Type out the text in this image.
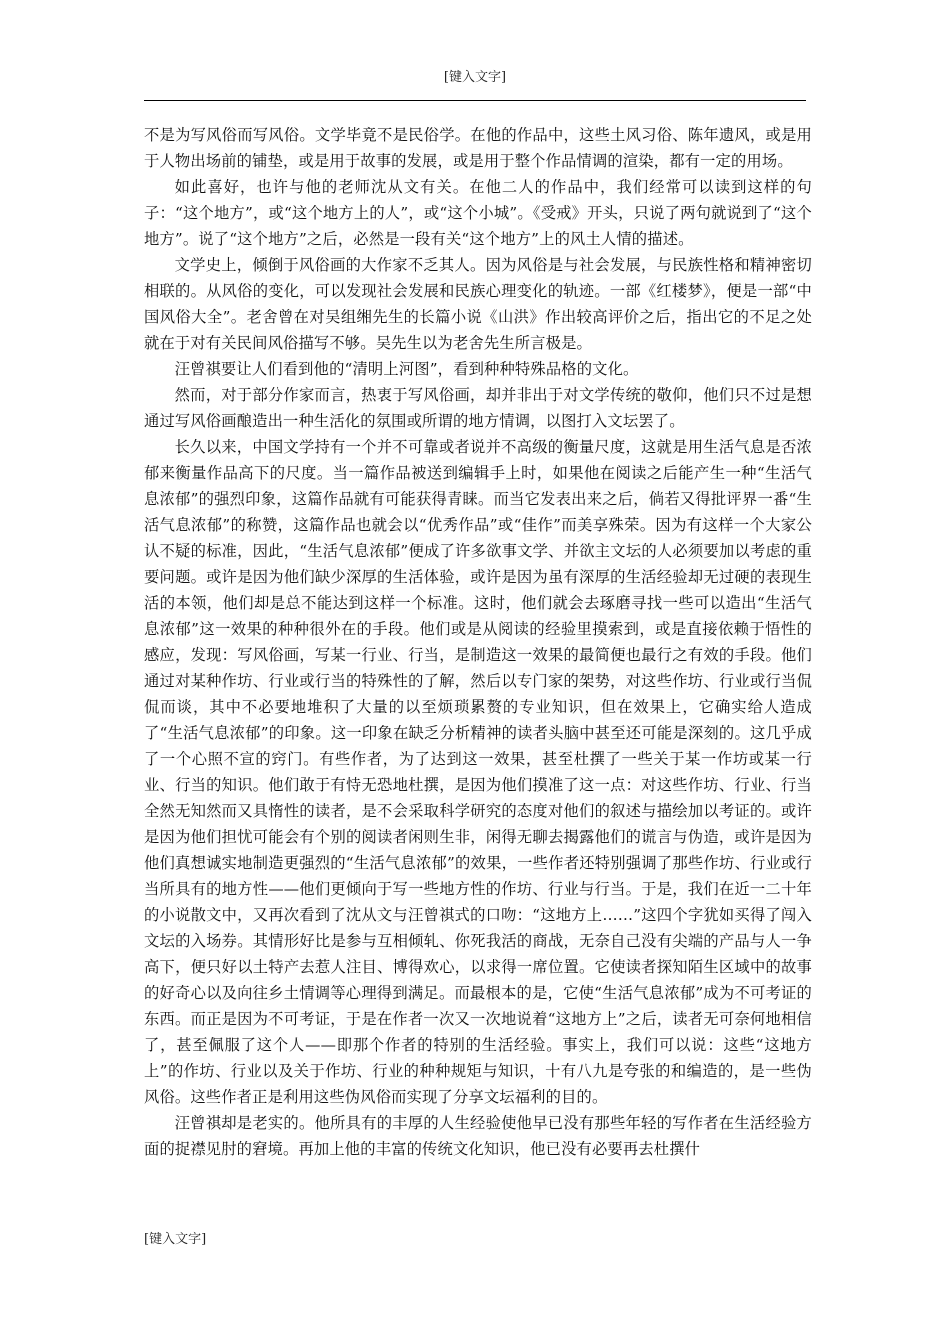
[键入文字]

不是为写风俗而写风俗。文学毕竟不是民俗学。在他的作品中，这些土风习俗、陈年遗风，或是用于人物出场前的铺垫，或是用于故事的发展，或是用于整个作品情调的渲染，都有一定的用场。

如此喜好，也许与他的老师沈从文有关。在他二人的作品中，我们经常可以读到这样的句子：“这个地方”，或“这个地方上的人”，或“这个小城”。《受戒》开头，只说了两句就说到了“这个地方”。说了“这个地方”之后，必然是一段有关“这个地方”上的风土人情的描述。

文学史上，倾倒于风俗画的大作家不乏其人。因为风俗是与社会发展，与民族性格和精神密切相联的。从风俗的变化，可以发现社会发展和民族心理变化的轨迹。一部《红楼梦》，便是一部“中国风俗大全”。老舍曾在对吴组缃先生的长篇小说《山洪》作出较高评价之后，指出它的不足之处就在于对有关民间风俗描写不够。吴先生以为老舍先生所言极是。

汪曾祺要让人们看到他的“清明上河图”，看到种种特殊品格的文化。

然而，对于部分作家而言，热衷于写风俗画，却并非出于对文学传统的敬仰，他们只不过是想通过写风俗画酿造出一种生活化的氛围或所谓的地方情调，以图打入文坛罢了。

长久以来，中国文学持有一个并不可靠或者说并不高级的衡量尺度，这就是用生活气息是否浓郁来衡量作品高下的尺度。当一篇作品被送到编辑手上时，如果他在阅读之后能产生一种“生活气息浓郁”的强烈印象，这篇作品就有可能获得青睐。而当它发表出来之后，倘若又得批评界一番“生活气息浓郁”的称赞，这篇作品也就会以“优秀作品”或“佳作”而美享殊荣。因为有这样一个大家公认不疑的标准，因此，“生活气息浓郁”便成了许多欲事文学、并欲主文坛的人必须要加以考虑的重要问题。或许是因为他们缺少深厚的生活体验，或许是因为虽有深厚的生活经验却无过硬的表现生活的本领，他们却是总不能达到这样一个标准。这时，他们就会去琢磨寻找一些可以造出“生活气息浓郁”这一效果的种种很外在的手段。他们或是从阅读的经验里摸索到，或是直接依赖于悟性的感应，发现：写风俗画，写某一行业、行当，是制造这一效果的最简便也最行之有效的手段。他们通过对某种作坊、行业或行当的特殊性的了解，然后以专门家的架势，对这些作坊、行业或行当侃侃而谈，其中不必要地堆积了大量的以至烦琐累赘的专业知识，但在效果上，它确实给人造成了“生活气息浓郁”的印象。这一印象在缺乏分析精神的读者头脑中甚至还可能是深刻的。这几乎成了一个心照不宣的窍门。有些作者，为了达到这一效果，甚至杜撰了一些关于某一作坊或某一行业、行当的知识。他们敢于有恃无恐地杜撰，是因为他们摸准了这一点：对这些作坊、行业、行当全然无知然而又具惰性的读者，是不会采取科学研究的态度对他们的叙述与描绘加以考证的。或许是因为他们担忧可能会有个别的阅读者闲则生非，闲得无聊去揭露他们的谎言与伪造，或许是因为他们真想诚实地制造更强烈的“生活气息浓郁”的效果，一些作者还特别强调了那些作坊、行业或行当所具有的地方性——他们更倾向于写一些地方性的作坊、行业与行当。于是，我们在近一二十年的小说散文中，又再次看到了沈从文与汪曾祺式的口吻：“这地方上……”这四个字犹如买得了闯入文坛的入场券。其情形好比是参与互相倾轧、你死我活的商战，无奈自己没有尖端的产品与人一争高下，便只好以土特产去惹人注目、博得欢心，以求得一席位置。它使读者探知陌生区域中的故事的好奇心以及向往乡土情调等心理得到满足。而最根本的是，它使“生活气息浓郁”成为不可考证的东西。而正是因为不可考证，于是在作者一次又一次地说着“这地方上”之后，读者无可奈何地相信了，甚至佩服了这个人——即那个作者的特别的生活经验。事实上，我们可以说：这些“这地方上”的作坊、行业以及关于作坊、行业的种种规矩与知识，十有八九是夸张的和编造的，是一些伪风俗。这些作者正是利用这些伪风俗而实现了分享文坛福利的目的。

汪曾祺却是老实的。他所具有的丰厚的人生经验使他早已没有那些年轻的写作者在生活经验方面的捉襟见肘的窘境。再加上他的丰富的传统文化知识，他已没有必要再去杜撰什

[键入文字]
